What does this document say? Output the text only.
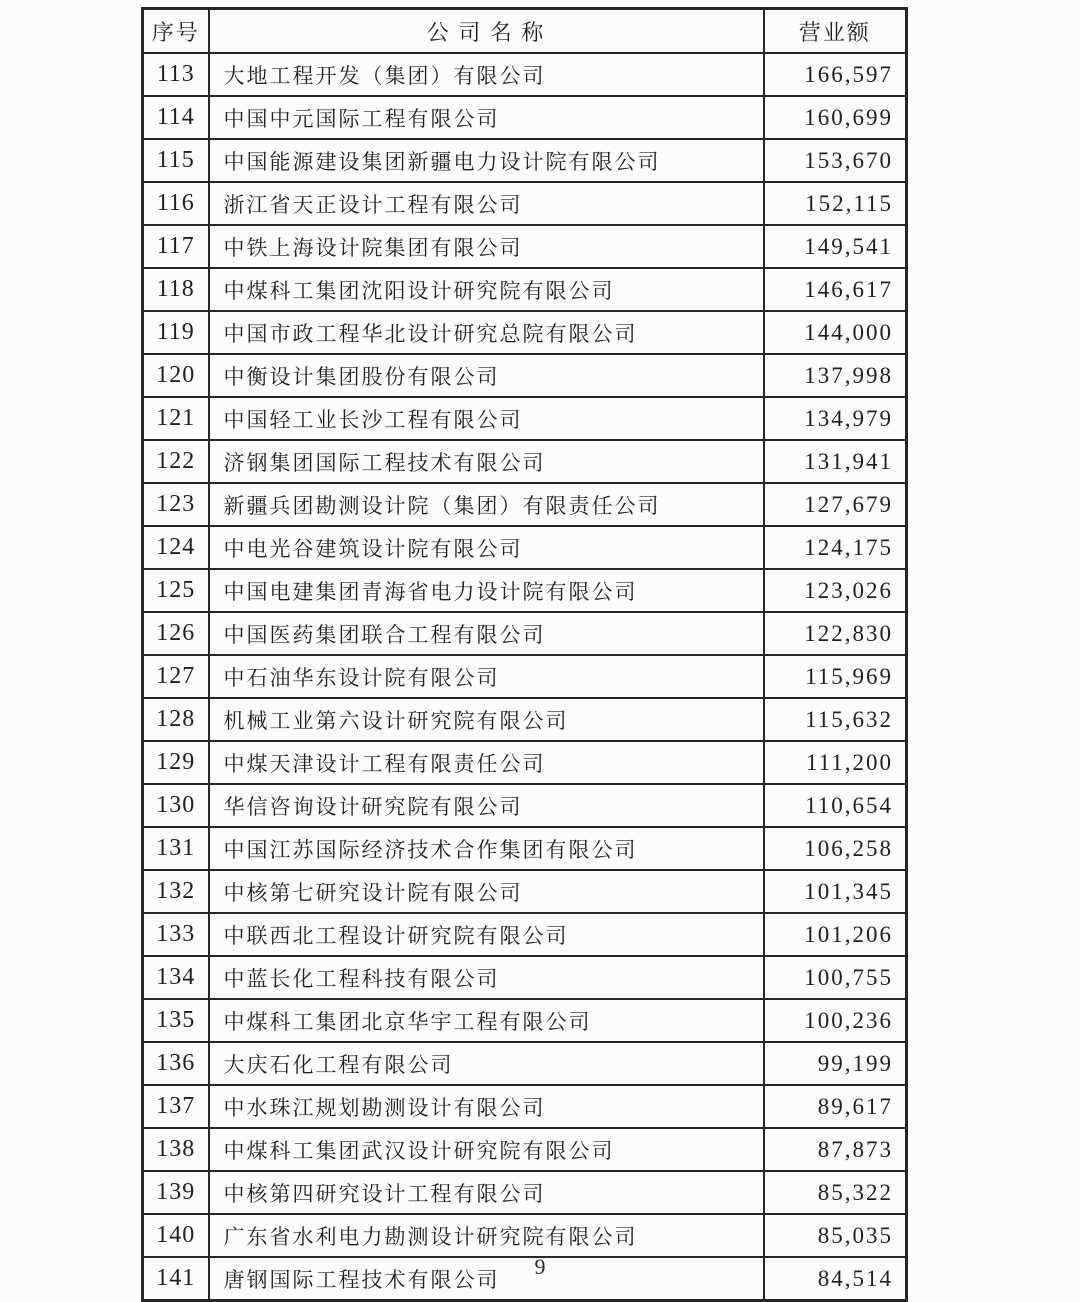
序号	公 司 名 称	营业额
113	大地工程开发（集团）有限公司	166,597
114	中国中元国际工程有限公司	160,699
115	中国能源建设集团新疆电力设计院有限公司	153,670
116	浙江省天正设计工程有限公司	152,115
117	中铁上海设计院集团有限公司	149,541
118	中煤科工集团沈阳设计研究院有限公司	146,617
119	中国市政工程华北设计研究总院有限公司	144,000
120	中衡设计集团股份有限公司	137,998
121	中国轻工业长沙工程有限公司	134,979
122	济钢集团国际工程技术有限公司	131,941
123	新疆兵团勘测设计院（集团）有限责任公司	127,679
124	中电光谷建筑设计院有限公司	124,175
125	中国电建集团青海省电力设计院有限公司	123,026
126	中国医药集团联合工程有限公司	122,830
127	中石油华东设计院有限公司	115,969
128	机械工业第六设计研究院有限公司	115,632
129	中煤天津设计工程有限责任公司	111,200
130	华信咨询设计研究院有限公司	110,654
131	中国江苏国际经济技术合作集团有限公司	106,258
132	中核第七研究设计院有限公司	101,345
133	中联西北工程设计研究院有限公司	101,206
134	中蓝长化工程科技有限公司	100,755
135	中煤科工集团北京华宇工程有限公司	100,236
136	大庆石化工程有限公司	99,199
137	中水珠江规划勘测设计有限公司	89,617
138	中煤科工集团武汉设计研究院有限公司	87,873
139	中核第四研究设计工程有限公司	85,322
140	广东省水利电力勘测设计研究院有限公司	85,035
141	唐钢国际工程技术有限公司	84,514
9
